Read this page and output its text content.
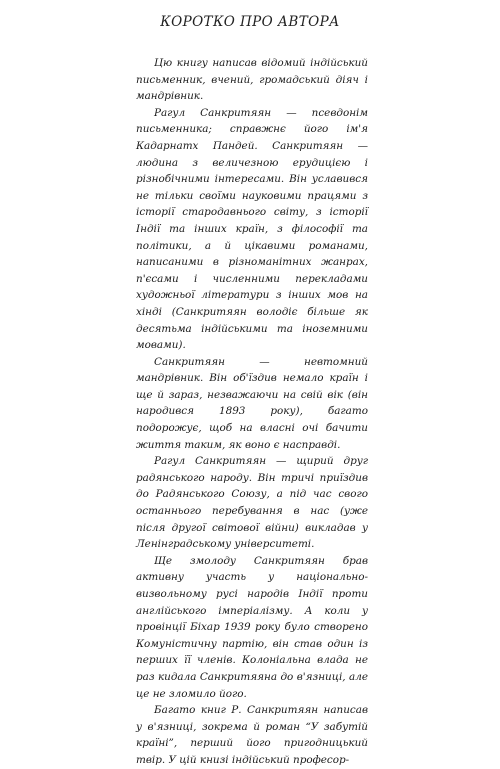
КОРОТКО ПРО АВТОРА

Цю книгу написав відомий індійський письменник, вчений, громадський діяч і мандрівник.

Рагул Санкритяян — псевдонім письменника; справжнє його ім'я Кадарнатх Пандей. Санкритяян — людина з величезною ерудицією і різнобічними інтересами. Він уславився не тільки своїми науковими працями з історії стародавнього світу, з історії Індії та інших країн, з філософії та політики, а й цікавими романами, написаними в різноманітних жанрах, п'єсами і численними перекладами художньої літератури з інших мов на хінді (Санкритяян володіє більше як десятьма індійськими та іноземними мовами).

Санкритяян — невтомний мандрівник. Він об'їздив немало країн і ще й зараз, незважаючи на свій вік (він народився 1893 року), багато подорожує, щоб на власні очі бачити життя таким, як воно є насправді.

Рагул Санкритяян — щирий друг радянського народу. Він тричі приїздив до Радянського Союзу, а під час свого останнього перебування в нас (уже після другої світової війни) викладав у Ленінградському університеті.

Ще змолоду Санкритяян брав активну участь у національно-визвольному русі народів Індії проти англійського імперіалізму. А коли у провінції Біхар 1939 року було створено Комуністичну партію, він став один із перших її членів. Колоніальна влада не раз кидала Санкритяяна до в'язниці, але це не зломило його.

Багато книг Р. Санкритяян написав у в'язниці, зокрема й роман “У забутій країні”, перший його пригодницький твір. У цій книзі індійський професор-
